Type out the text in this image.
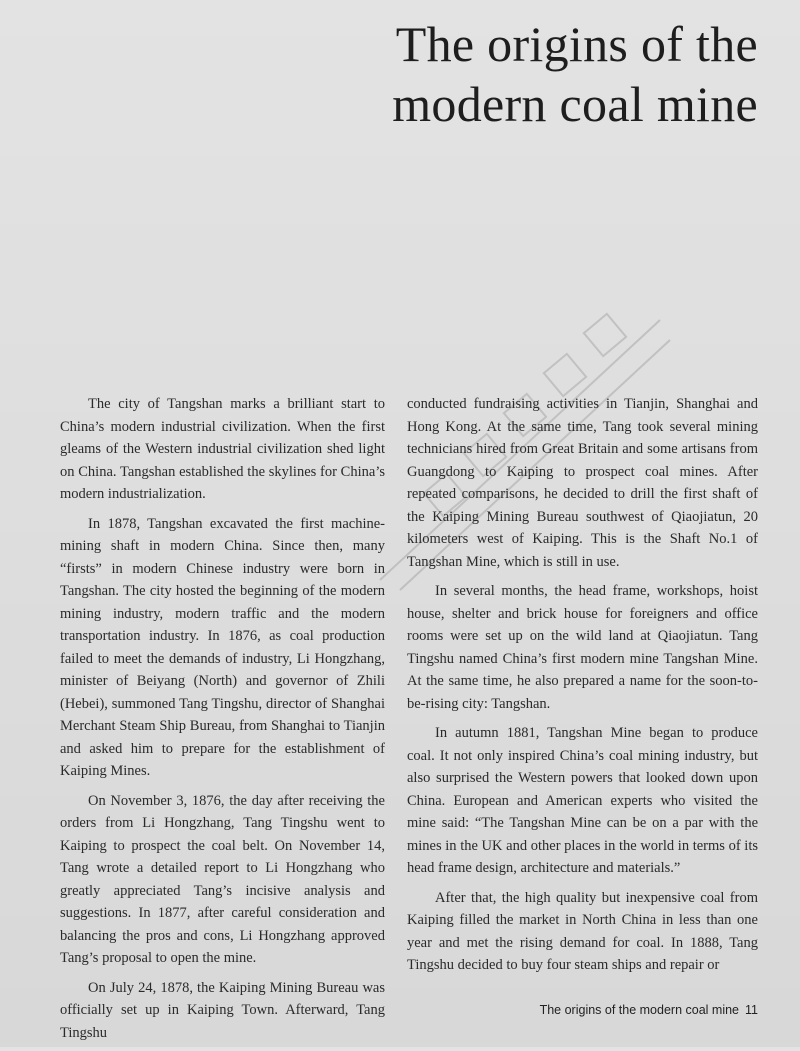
The origins of the
modern coal mine

The city of Tangshan marks a brilliant start to China’s modern industrial civilization. When the first gleams of the Western industrial civilization shed light on China. Tangshan established the skylines for China’s modern industrialization.

In 1878, Tangshan excavated the first machine-mining shaft in modern China. Since then, many “firsts” in modern Chinese industry were born in Tangshan. The city hosted the beginning of the modern mining industry, modern traffic and the modern transportation industry. In 1876, as coal production failed to meet the demands of industry, Li Hongzhang, minister of Beiyang (North) and governor of Zhili (Hebei), summoned Tang Tingshu, director of Shanghai Merchant Steam Ship Bureau, from Shanghai to Tianjin and asked him to prepare for the establishment of Kaiping Mines.

On November 3, 1876, the day after receiving the orders from Li Hongzhang, Tang Tingshu went to Kaiping to prospect the coal belt. On November 14, Tang wrote a detailed report to Li Hongzhang who greatly appreciated Tang’s incisive analysis and suggestions. In 1877, after careful consideration and balancing the pros and cons, Li Hongzhang approved Tang’s proposal to open the mine.

On July 24, 1878, the Kaiping Mining Bureau was officially set up in Kaiping Town. Afterward, Tang Tingshu

conducted fundraising activities in Tianjin, Shanghai and Hong Kong. At the same time, Tang took several mining technicians hired from Great Britain and some artisans from Guangdong to Kaiping to prospect coal mines. After repeated comparisons, he decided to drill the first shaft of the Kaiping Mining Bureau southwest of Qiaojiatun, 20 kilometers west of Kaiping. This is the Shaft No.1 of Tangshan Mine, which is still in use.

In several months, the head frame, workshops, hoist house, shelter and brick house for foreigners and office rooms were set up on the wild land at Qiaojiatun. Tang Tingshu named China’s first modern mine Tangshan Mine. At the same time, he also prepared a name for the soon-to-be-rising city: Tangshan.

In autumn 1881, Tangshan Mine began to produce coal. It not only inspired China’s coal mining industry, but also surprised the Western powers that looked down upon China. European and American experts who visited the mine said: “The Tangshan Mine can be on a par with the mines in the UK and other places in the world in terms of its head frame design, architecture and materials.”

After that, the high quality but inexpensive coal from Kaiping filled the market in North China in less than one year and met the rising demand for coal. In 1888, Tang Tingshu decided to buy four steam ships and repair or

The origins of the modern coal mine 11
